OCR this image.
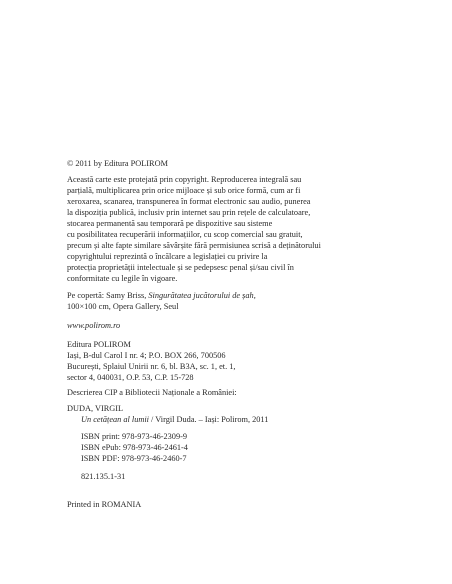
© 2011 by Editura POLIROM

Această carte este protejată prin copyright. Reproducerea integrală sau
parțială, multiplicarea prin orice mijloace și sub orice formă, cum ar fi
xeroxarea, scanarea, transpunerea în format electronic sau audio, punerea
la dispoziția publică, inclusiv prin internet sau prin rețele de calculatoare,
stocarea permanentă sau temporară pe dispozitive sau sisteme
cu posibilitatea recuperării informațiilor, cu scop comercial sau gratuit,
precum și alte fapte similare săvârșite fără permisiunea scrisă a deținătorului
copyrightului reprezintă o încălcare a legislației cu privire la
protecția proprietății intelectuale și se pedepsesc penal și/sau civil în
conformitate cu legile în vigoare.

Pe copertă: Samy Briss, Singurătatea jucătorului de șah,
100×100 cm, Opera Gallery, Seul

www.polirom.ro

Editura POLIROM
Iași, B-dul Carol I nr. 4; P.O. BOX 266, 700506
București, Splaiul Unirii nr. 6, bl. B3A, sc. 1, et. 1,
sector 4, 040031, O.P. 53, C.P. 15-728

Descrierea CIP a Bibliotecii Naționale a României:

DUDA, VIRGIL

Un cetățean al lumii / Virgil Duda. – Iași: Polirom, 2011

ISBN print: 978-973-46-2309-9
ISBN ePub: 978-973-46-2461-4
ISBN PDF: 978-973-46-2460-7

821.135.1-31

Printed in ROMANIA
